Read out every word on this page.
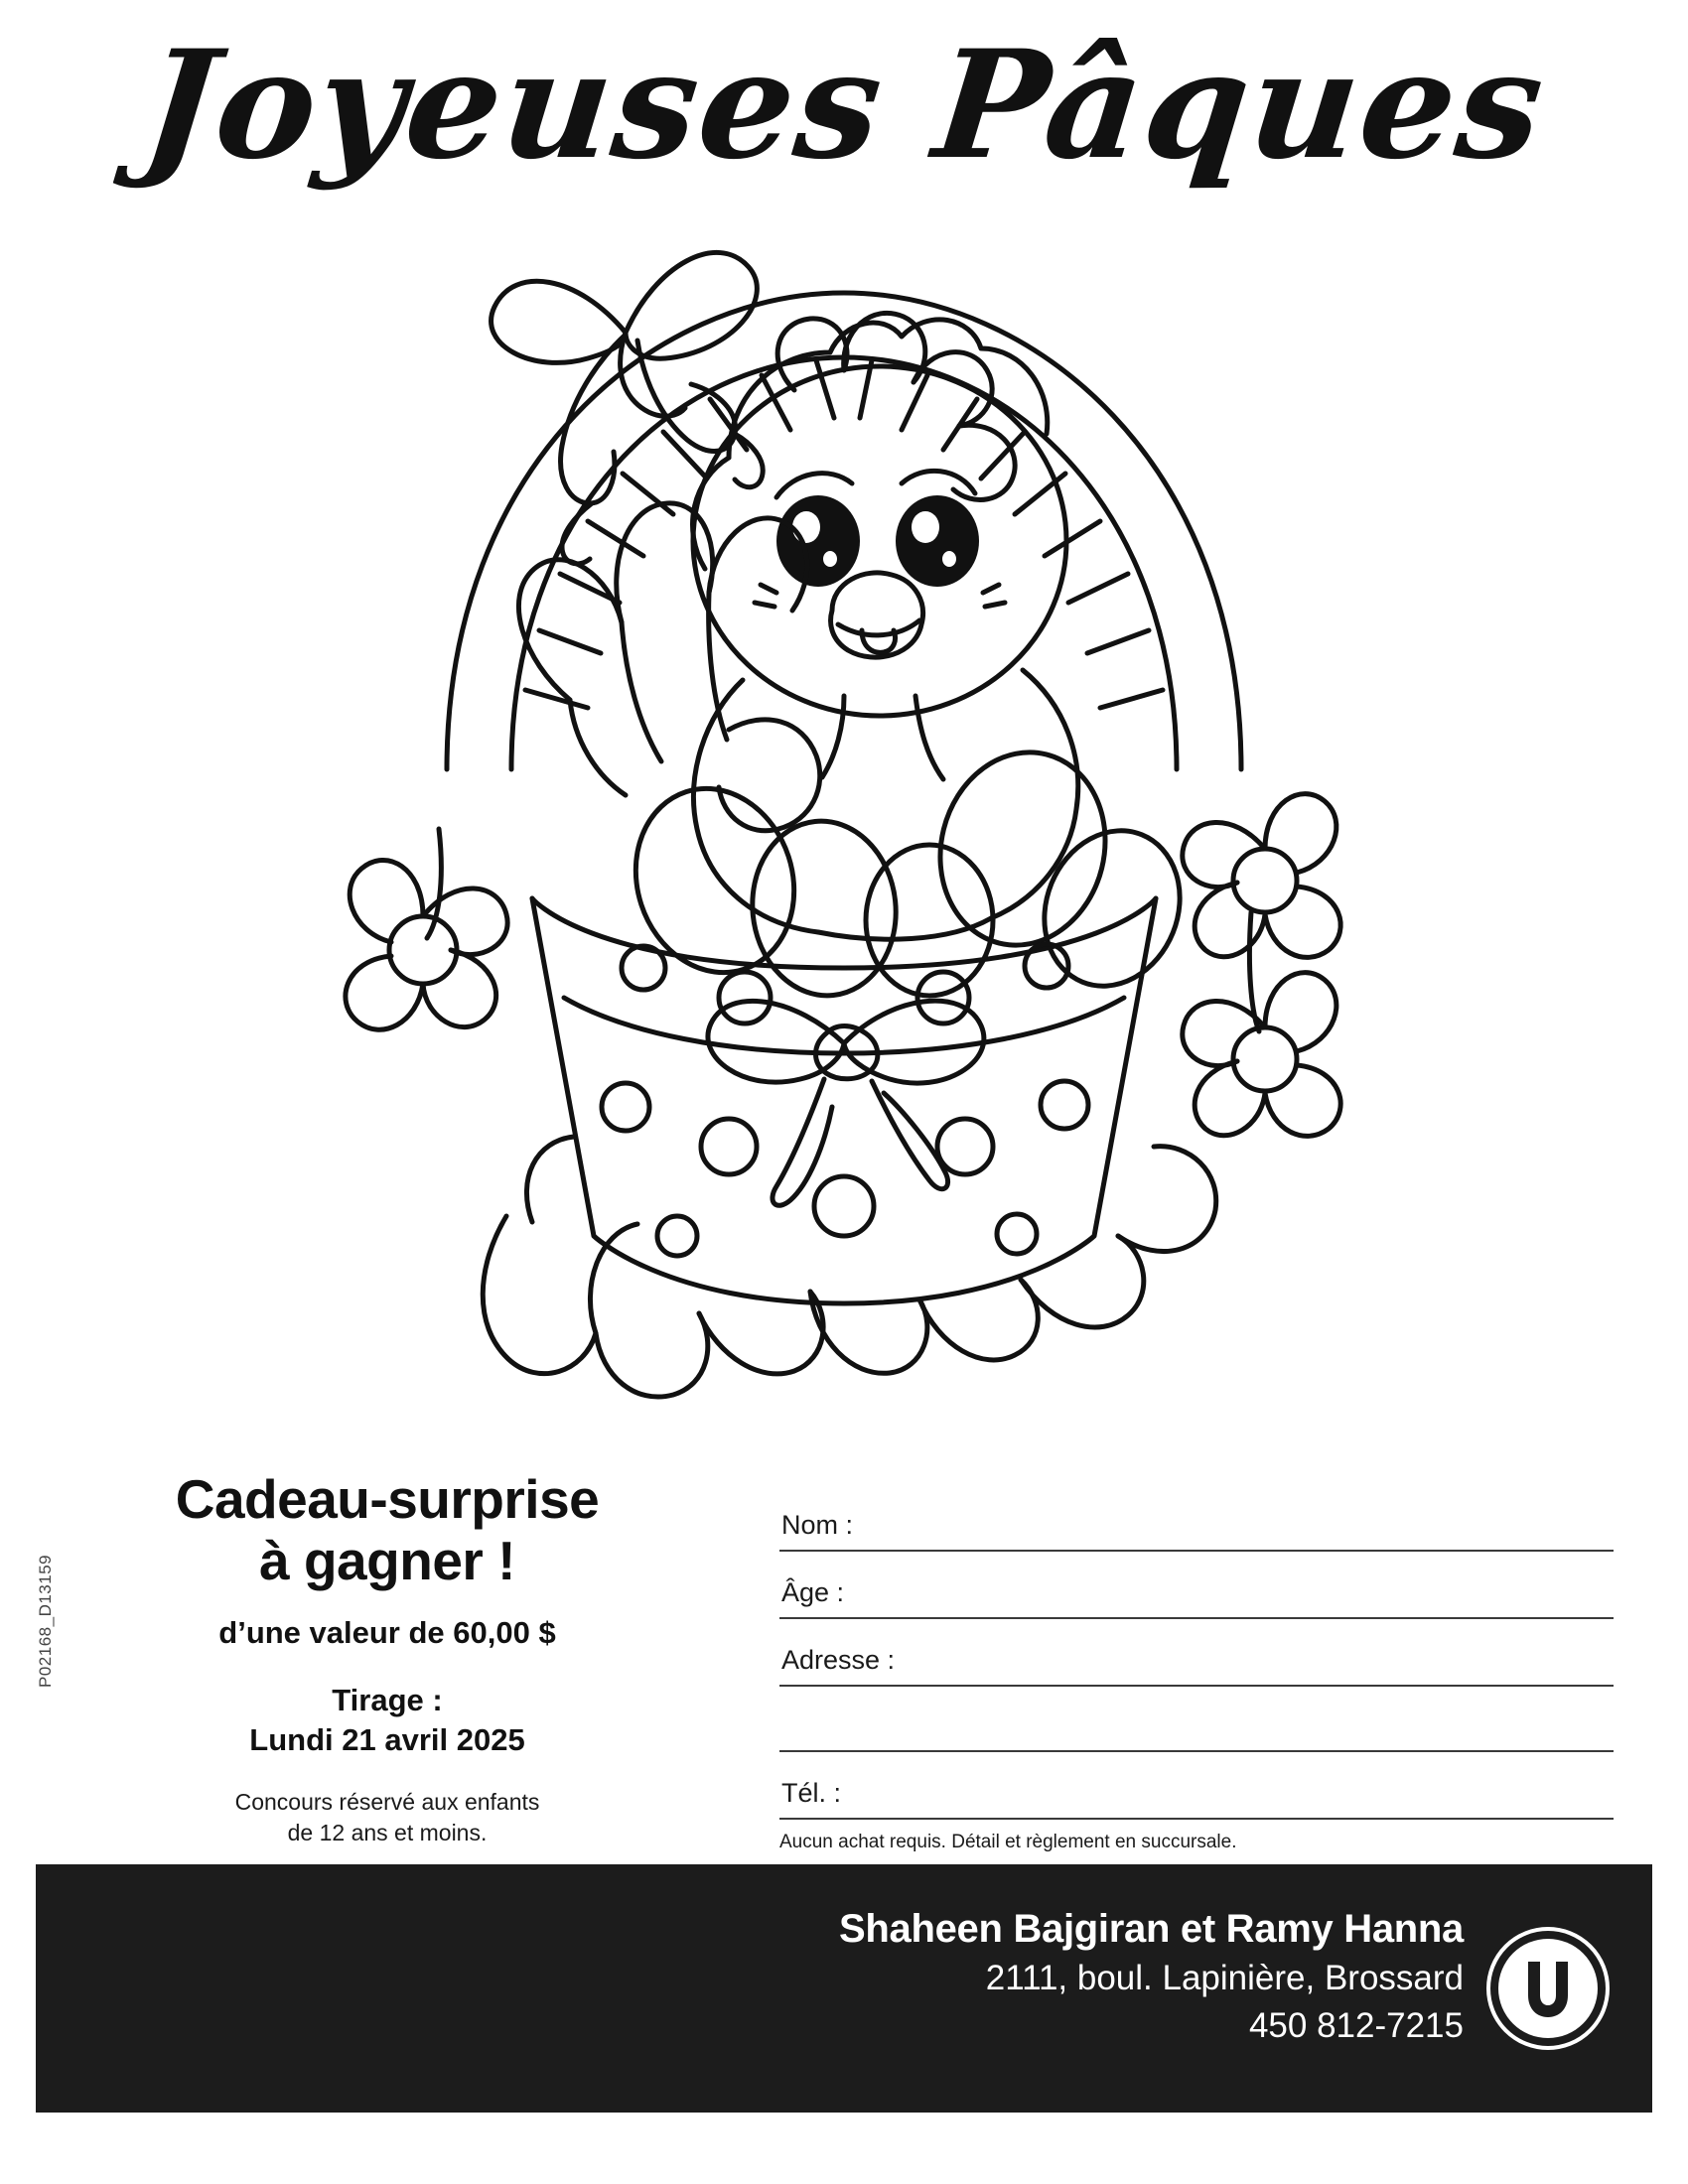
Joyeuses Pâques
Cadeau-surprise
à gagner !
d’une valeur de 60,00 $
Tirage :
Lundi 21 avril 2025
Concours réservé aux enfants
de 12 ans et moins.
P02168_D13159
Nom :
Âge :
Adresse :
Tél. :
Aucun achat requis. Détail et règlement en succursale.
Shaheen Bajgiran et Ramy Hanna
2111, boul. Lapinière, Brossard
450 812-7215
